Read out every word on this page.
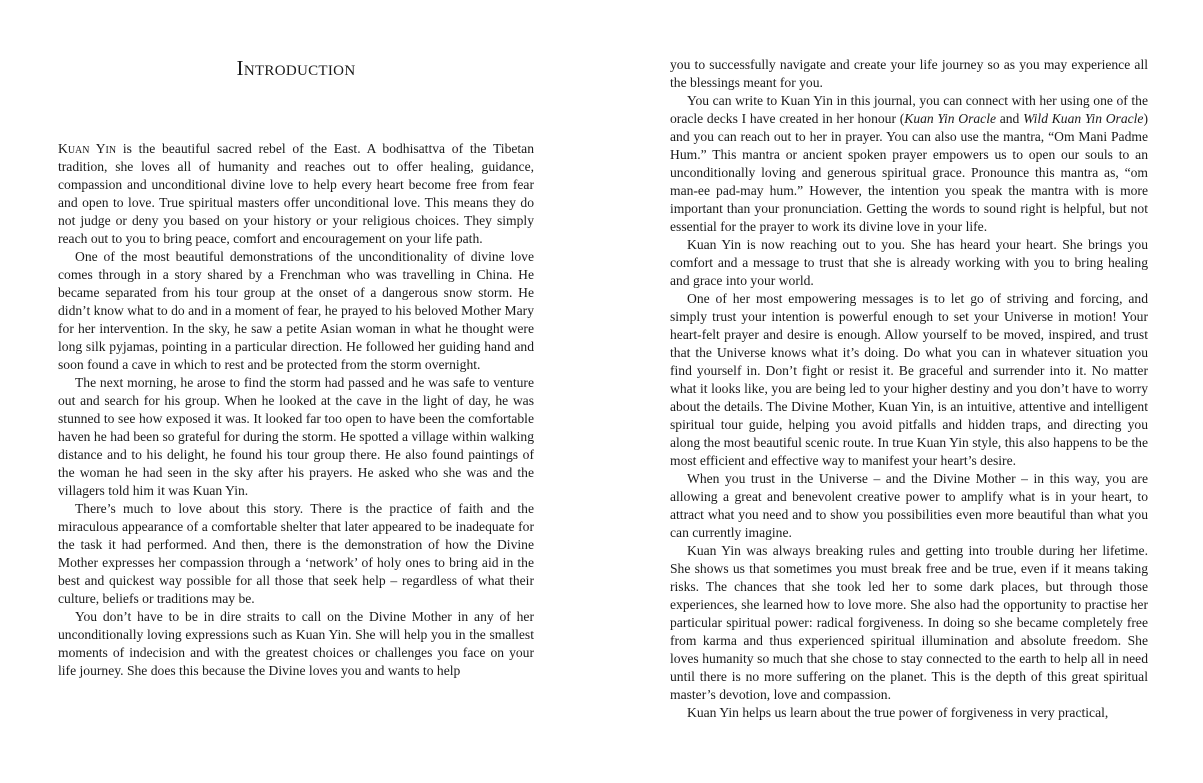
Introduction

Kuan Yin is the beautiful sacred rebel of the East. A bodhisattva of the Tibetan tradition, she loves all of humanity and reaches out to offer healing, guidance, compassion and unconditional divine love to help every heart become free from fear and open to love. True spiritual masters offer unconditional love. This means they do not judge or deny you based on your history or your religious choices. They simply reach out to you to bring peace, comfort and encouragement on your life path.

One of the most beautiful demonstrations of the unconditionality of divine love comes through in a story shared by a Frenchman who was travelling in China. He became separated from his tour group at the onset of a dangerous snow storm. He didn’t know what to do and in a moment of fear, he prayed to his beloved Mother Mary for her intervention. In the sky, he saw a petite Asian woman in what he thought were long silk pyjamas, pointing in a particular direction. He followed her guiding hand and soon found a cave in which to rest and be protected from the storm overnight.

The next morning, he arose to find the storm had passed and he was safe to venture out and search for his group. When he looked at the cave in the light of day, he was stunned to see how exposed it was. It looked far too open to have been the comfortable haven he had been so grateful for during the storm. He spotted a village within walking distance and to his delight, he found his tour group there. He also found paintings of the woman he had seen in the sky after his prayers. He asked who she was and the villagers told him it was Kuan Yin.

There’s much to love about this story. There is the practice of faith and the miraculous appearance of a comfortable shelter that later appeared to be inadequate for the task it had performed. And then, there is the demonstration of how the Divine Mother expresses her compassion through a ‘network’ of holy ones to bring aid in the best and quickest way possible for all those that seek help – regardless of what their culture, beliefs or traditions may be.

You don’t have to be in dire straits to call on the Divine Mother in any of her unconditionally loving expressions such as Kuan Yin. She will help you in the smallest moments of indecision and with the greatest choices or challenges you face on your life journey. She does this because the Divine loves you and wants to help

you to successfully navigate and create your life journey so as you may experience all the blessings meant for you.

You can write to Kuan Yin in this journal, you can connect with her using one of the oracle decks I have created in her honour (Kuan Yin Oracle and Wild Kuan Yin Oracle) and you can reach out to her in prayer. You can also use the mantra, “Om Mani Padme Hum.” This mantra or ancient spoken prayer empowers us to open our souls to an unconditionally loving and generous spiritual grace. Pronounce this mantra as, “om man-ee pad-may hum.” However, the intention you speak the mantra with is more important than your pronunciation. Getting the words to sound right is helpful, but not essential for the prayer to work its divine love in your life.

Kuan Yin is now reaching out to you. She has heard your heart. She brings you comfort and a message to trust that she is already working with you to bring healing and grace into your world.

One of her most empowering messages is to let go of striving and forcing, and simply trust your intention is powerful enough to set your Universe in motion! Your heart-felt prayer and desire is enough. Allow yourself to be moved, inspired, and trust that the Universe knows what it’s doing. Do what you can in whatever situation you find yourself in. Don’t fight or resist it. Be graceful and surrender into it. No matter what it looks like, you are being led to your higher destiny and you don’t have to worry about the details. The Divine Mother, Kuan Yin, is an intuitive, attentive and intelligent spiritual tour guide, helping you avoid pitfalls and hidden traps, and directing you along the most beautiful scenic route. In true Kuan Yin style, this also happens to be the most efficient and effective way to manifest your heart’s desire.

When you trust in the Universe – and the Divine Mother – in this way, you are allowing a great and benevolent creative power to amplify what is in your heart, to attract what you need and to show you possibilities even more beautiful than what you can currently imagine.

Kuan Yin was always breaking rules and getting into trouble during her lifetime. She shows us that sometimes you must break free and be true, even if it means taking risks. The chances that she took led her to some dark places, but through those experiences, she learned how to love more. She also had the opportunity to practise her particular spiritual power: radical forgiveness. In doing so she became completely free from karma and thus experienced spiritual illumination and absolute freedom. She loves humanity so much that she chose to stay connected to the earth to help all in need until there is no more suffering on the planet. This is the depth of this great spiritual master’s devotion, love and compassion.

Kuan Yin helps us learn about the true power of forgiveness in very practical,
